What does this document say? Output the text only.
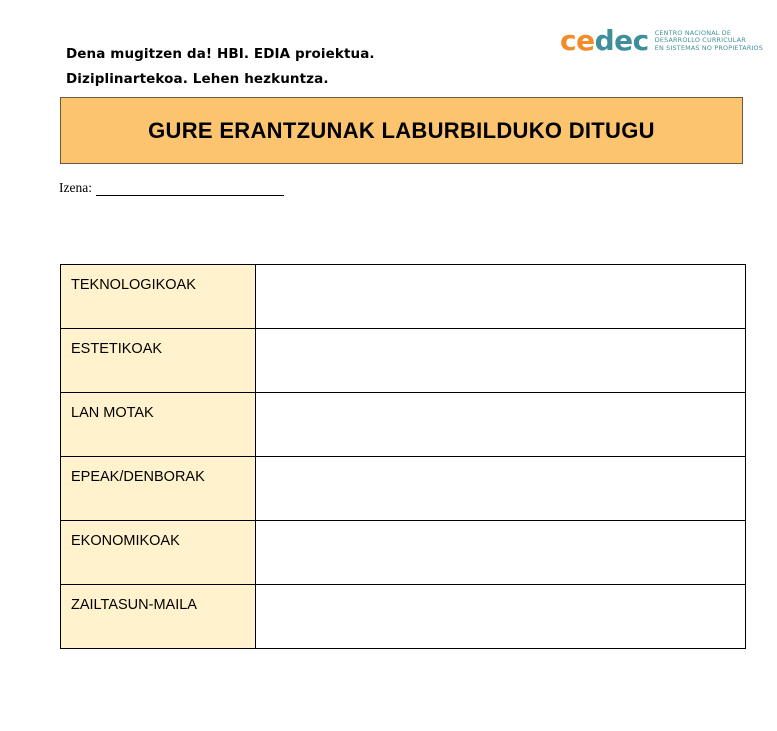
Dena mugitzen da! HBI. EDIA proiektua.
Diziplinartekoa. Lehen hezkuntza.
cedec CENTRO NACIONAL DE
DESARROLLO CURRICULAR
EN SISTEMAS NO PROPIETARIOS
GURE ERANTZUNAK LABURBILDUKO DITUGU
Izena:
TEKNOLOGIKOAK	

ESTETIKOAK	

LAN MOTAK	

EPEAK/DENBORAK	

EKONOMIKOAK	

ZAILTASUN-MAILA	
